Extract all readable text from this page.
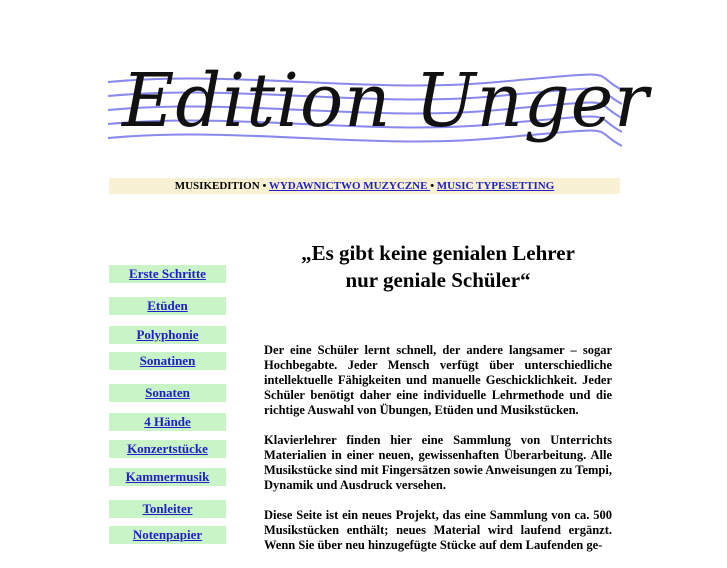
Edition Unger
MUSIKEDITION • WYDAWNICTWO MUZYCZNE • MUSIC TYPESETTING
Erste Schritte
Etüden
Polyphonie
Sonatinen
Sonaten
4 Hände
Konzertstücke
Kammermusik
Tonleiter
Notenpapier
„Es gibt keine genialen Lehrer
nur geniale Schüler“

Der eine Schüler lernt schnell, der andere langsamer – sogar Hochbegabte. Jeder Mensch verfügt über unterschiedliche intellektuelle Fähigkeiten und manuelle Geschicklichkeit. Jeder Schüler benötigt daher eine individuelle Lehrmethode und die richtige Auswahl von Übungen, Etüden und Musikstücken.

Klavierlehrer finden hier eine Sammlung von Unterrichts Materialien in einer neuen, gewissenhaften Überarbeitung. Alle Musikstücke sind mit Fingersätzen sowie Anweisungen zu Tempi, Dynamik und Ausdruck versehen.

Diese Seite ist ein neues Projekt, das eine Sammlung von ca. 500 Musikstücken enthält; neues Material wird laufend ergänzt. Wenn Sie über neu hinzugefügte Stücke auf dem Laufenden ge-
